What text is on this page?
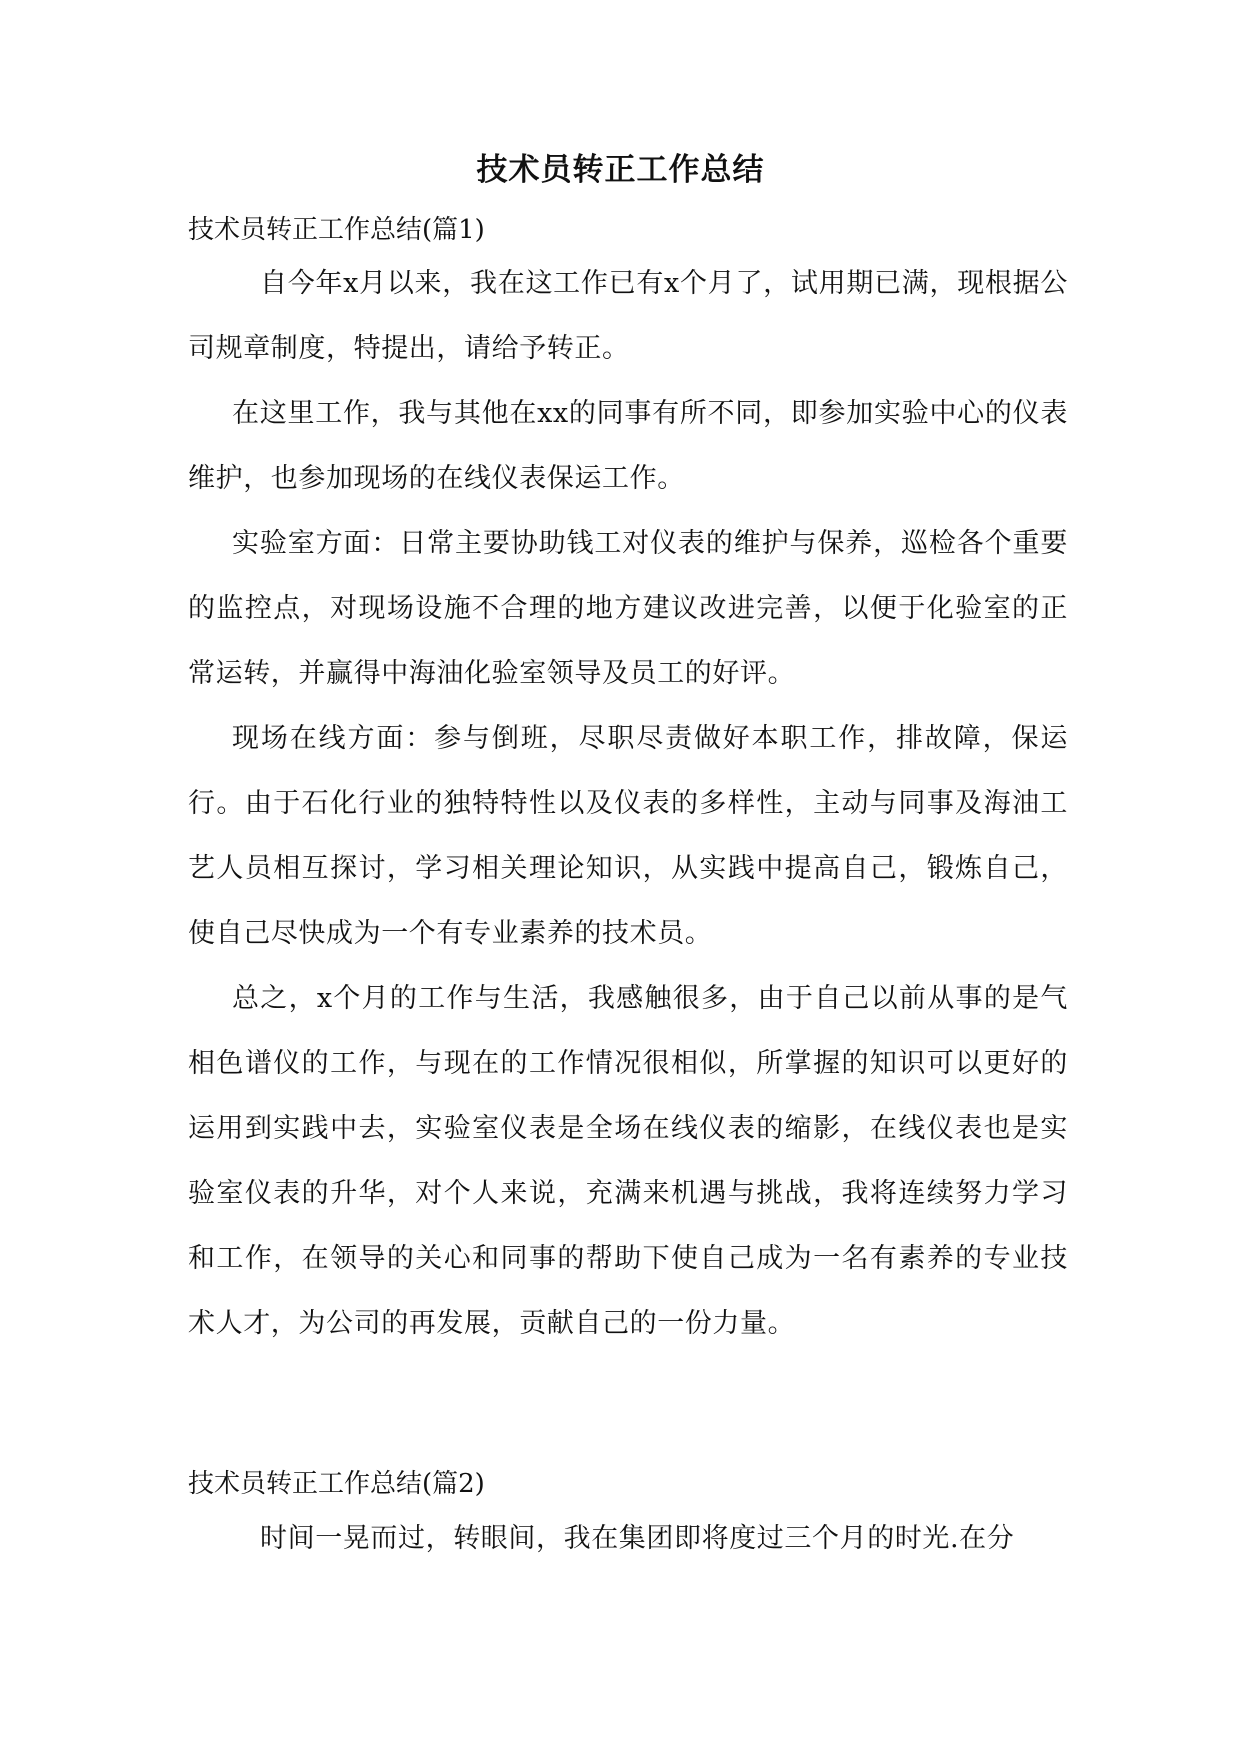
技术员转正工作总结
技术员转正工作总结(篇1)

自今年x月以来，我在这工作已有x个月了，试用期已满，现根据公司规章制度，特提出，请给予转正。

在这里工作，我与其他在xx的同事有所不同，即参加实验中心的仪表维护，也参加现场的在线仪表保运工作。

实验室方面：日常主要协助钱工对仪表的维护与保养，巡检各个重要的监控点，对现场设施不合理的地方建议改进完善，以便于化验室的正常运转，并赢得中海油化验室领导及员工的好评。

现场在线方面：参与倒班，尽职尽责做好本职工作，排故障，保运行。由于石化行业的独特特性以及仪表的多样性，主动与同事及海油工艺人员相互探讨，学习相关理论知识，从实践中提高自己，锻炼自己，使自己尽快成为一个有专业素养的技术员。

总之，x个月的工作与生活，我感触很多，由于自己以前从事的是气相色谱仪的工作，与现在的工作情况很相似，所掌握的知识可以更好的运用到实践中去，实验室仪表是全场在线仪表的缩影，在线仪表也是实验室仪表的升华，对个人来说，充满来机遇与挑战，我将连续努力学习和工作，在领导的关心和同事的帮助下使自己成为一名有素养的专业技术人才，为公司的再发展，贡献自己的一份力量。

技术员转正工作总结(篇2)

时间一晃而过，转眼间，我在集团即将度过三个月的时光.在分
